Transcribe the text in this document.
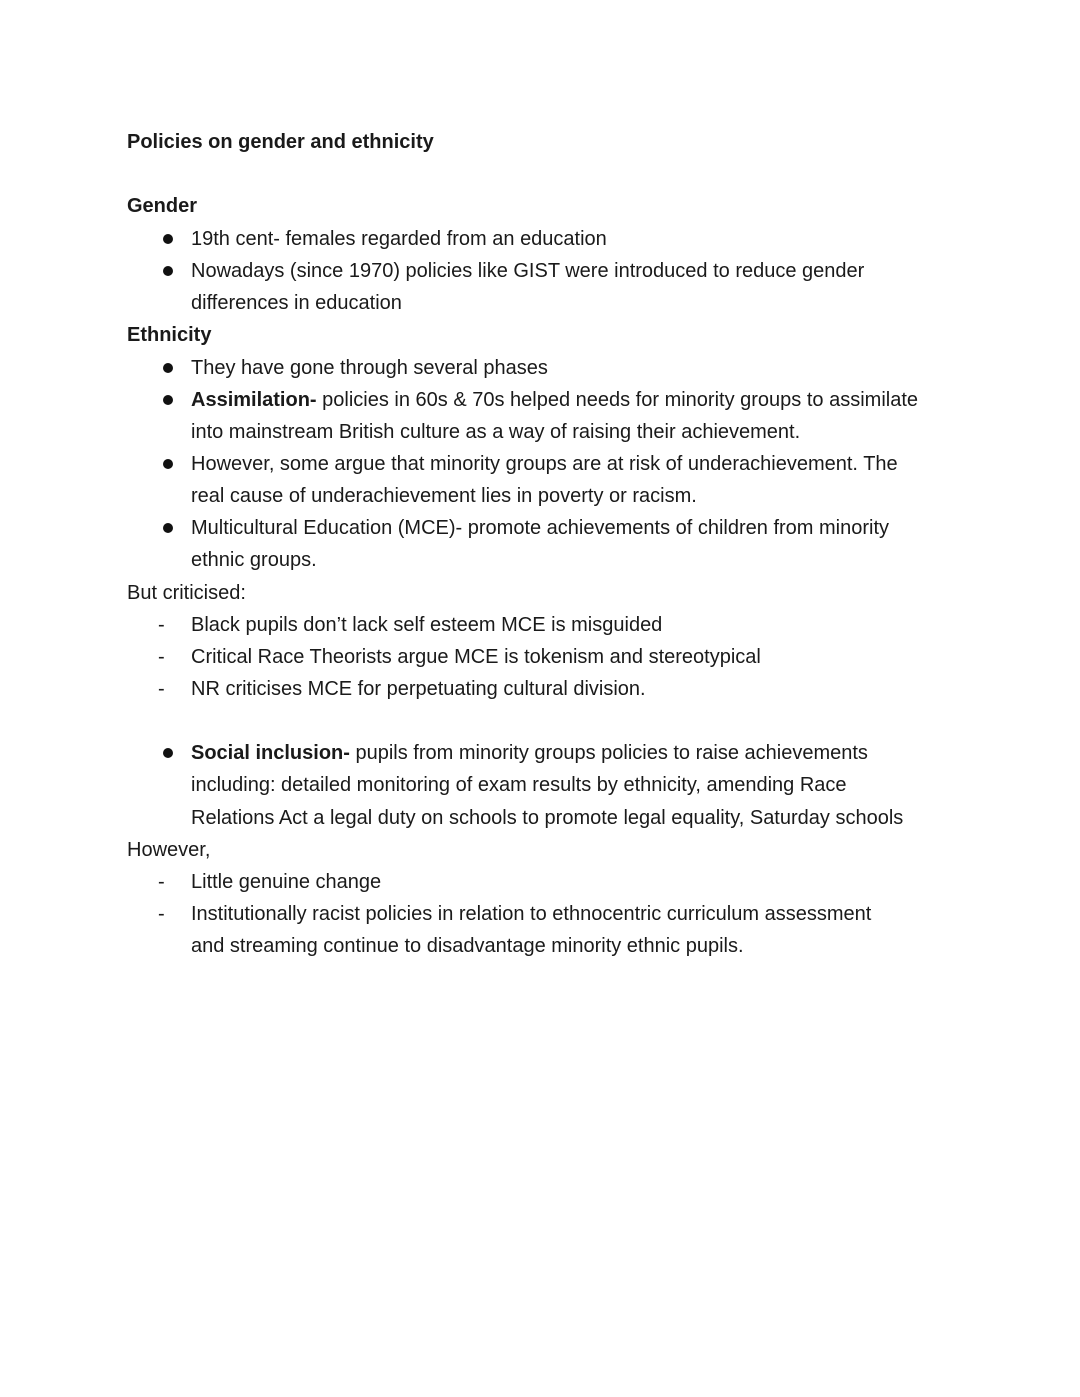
Policies on gender and ethnicity
Gender
19th cent- females regarded from an education
Nowadays (since 1970) policies like GIST were introduced to reduce gender
differences in education
Ethnicity
They have gone through several phases
Assimilation- policies in 60s & 70s helped needs for minority groups to assimilate
into mainstream British culture as a way of raising their achievement.
However, some argue that minority groups are at risk of underachievement. The
real cause of underachievement lies in poverty or racism.
Multicultural Education (MCE)- promote achievements of children from minority
ethnic groups.
But criticised:
- Black pupils don’t lack self esteem MCE is misguided
- Critical Race Theorists argue MCE is tokenism and stereotypical
- NR criticises MCE for perpetuating cultural division.
Social inclusion- pupils from minority groups policies to raise achievements
including: detailed monitoring of exam results by ethnicity, amending Race
Relations Act a legal duty on schools to promote legal equality, Saturday schools
However,
- Little genuine change
- Institutionally racist policies in relation to ethnocentric curriculum assessment
and streaming continue to disadvantage minority ethnic pupils.
